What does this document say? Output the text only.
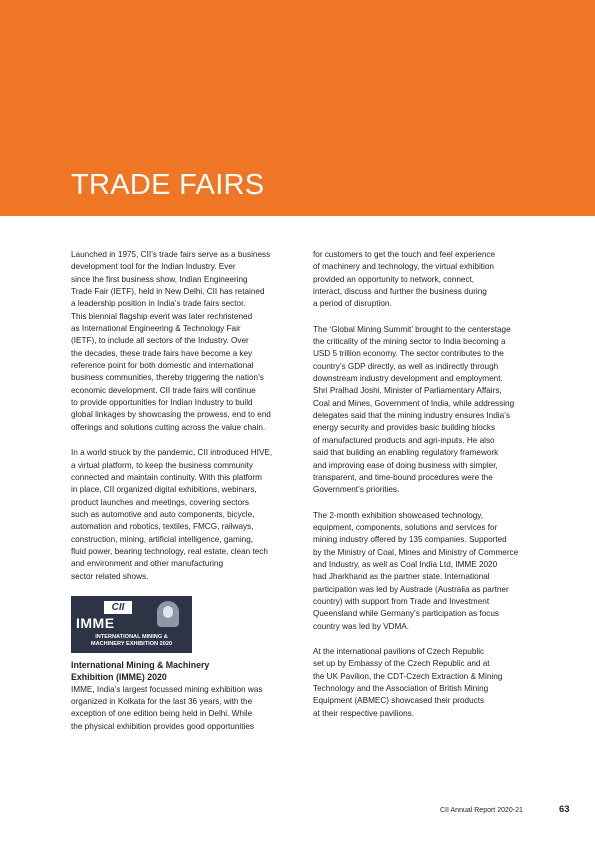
TRADE FAIRS

Launched in 1975, CII’s trade fairs serve as a business
development tool for the Indian Industry. Ever
since the first business show, Indian Engineering
Trade Fair (IETF), held in New Delhi, CII has retained
a leadership position in India’s trade fairs sector.
This biennial flagship event was later rechristened
as International Engineering & Technology Fair
(IETF), to include all sectors of the Industry. Over
the decades, these trade fairs have become a key
reference point for both domestic and international
business communities, thereby triggering the nation’s
economic development. CII trade fairs will continue
to provide opportunities for Indian Industry to build
global linkages by showcasing the prowess, end to end
offerings and solutions cutting across the value chain.

In a world struck by the pandemic, CII introduced HIVE,
a virtual platform, to keep the business community
connected and maintain continuity. With this platform
in place, CII organized digital exhibitions, webinars,
product launches and meetings, covering sectors
such as automotive and auto components, bicycle,
automation and robotics, textiles, FMCG, railways,
construction, mining, artificial intelligence, gaming,
fluid power, bearing technology, real estate, clean tech
and environment and other manufacturing
sector related shows.

CII
IMME
INTERNATIONAL MINING &
MACHINERY EXHIBITION 2020
International Mining & Machinery
Exhibition (IMME) 2020

IMME, India’s largest focussed mining exhibition was
organized in Kolkata for the last 36 years, with the
exception of one edition being held in Delhi. While
the physical exhibition provides good opportunities

for customers to get the touch and feel experience
of machinery and technology, the virtual exhibition
provided an opportunity to network, connect,
interact, discuss and further the business during
a period of disruption.

The ‘Global Mining Summit’ brought to the centerstage
the criticality of the mining sector to India becoming a
USD 5 trillion economy. The sector contributes to the
country’s GDP directly, as well as indirectly through
downstream industry development and employment.
Shri Pralhad Joshi, Minister of Parliamentary Affairs,
Coal and Mines, Government of India, while addressing
delegates said that the mining industry ensures India’s
energy security and provides basic building blocks
of manufactured products and agri-inputs. He also
said that building an enabling regulatory framework
and improving ease of doing business with simpler,
transparent, and time-bound procedures were the
Government’s priorities.

The 2-month exhibition showcased technology,
equipment, components, solutions and services for
mining industry offered by 135 companies. Supported
by the Ministry of Coal, Mines and Ministry of Commerce
and Industry, as well as Coal India Ltd, IMME 2020
had Jharkhand as the partner state. International
participation was led by Austrade (Australia as partner
country) with support from Trade and Investment
Queensland while Germany’s participation as focus
country was led by VDMA.

At the international pavilions of Czech Republic
set up by Embassy of the Czech Republic and at
the UK Pavilion, the CDT-Czech Extraction & Mining
Technology and the Association of British Mining
Equipment (ABMEC) showcased their products
at their respective pavilions.

CII Annual Report 2020-21	63
